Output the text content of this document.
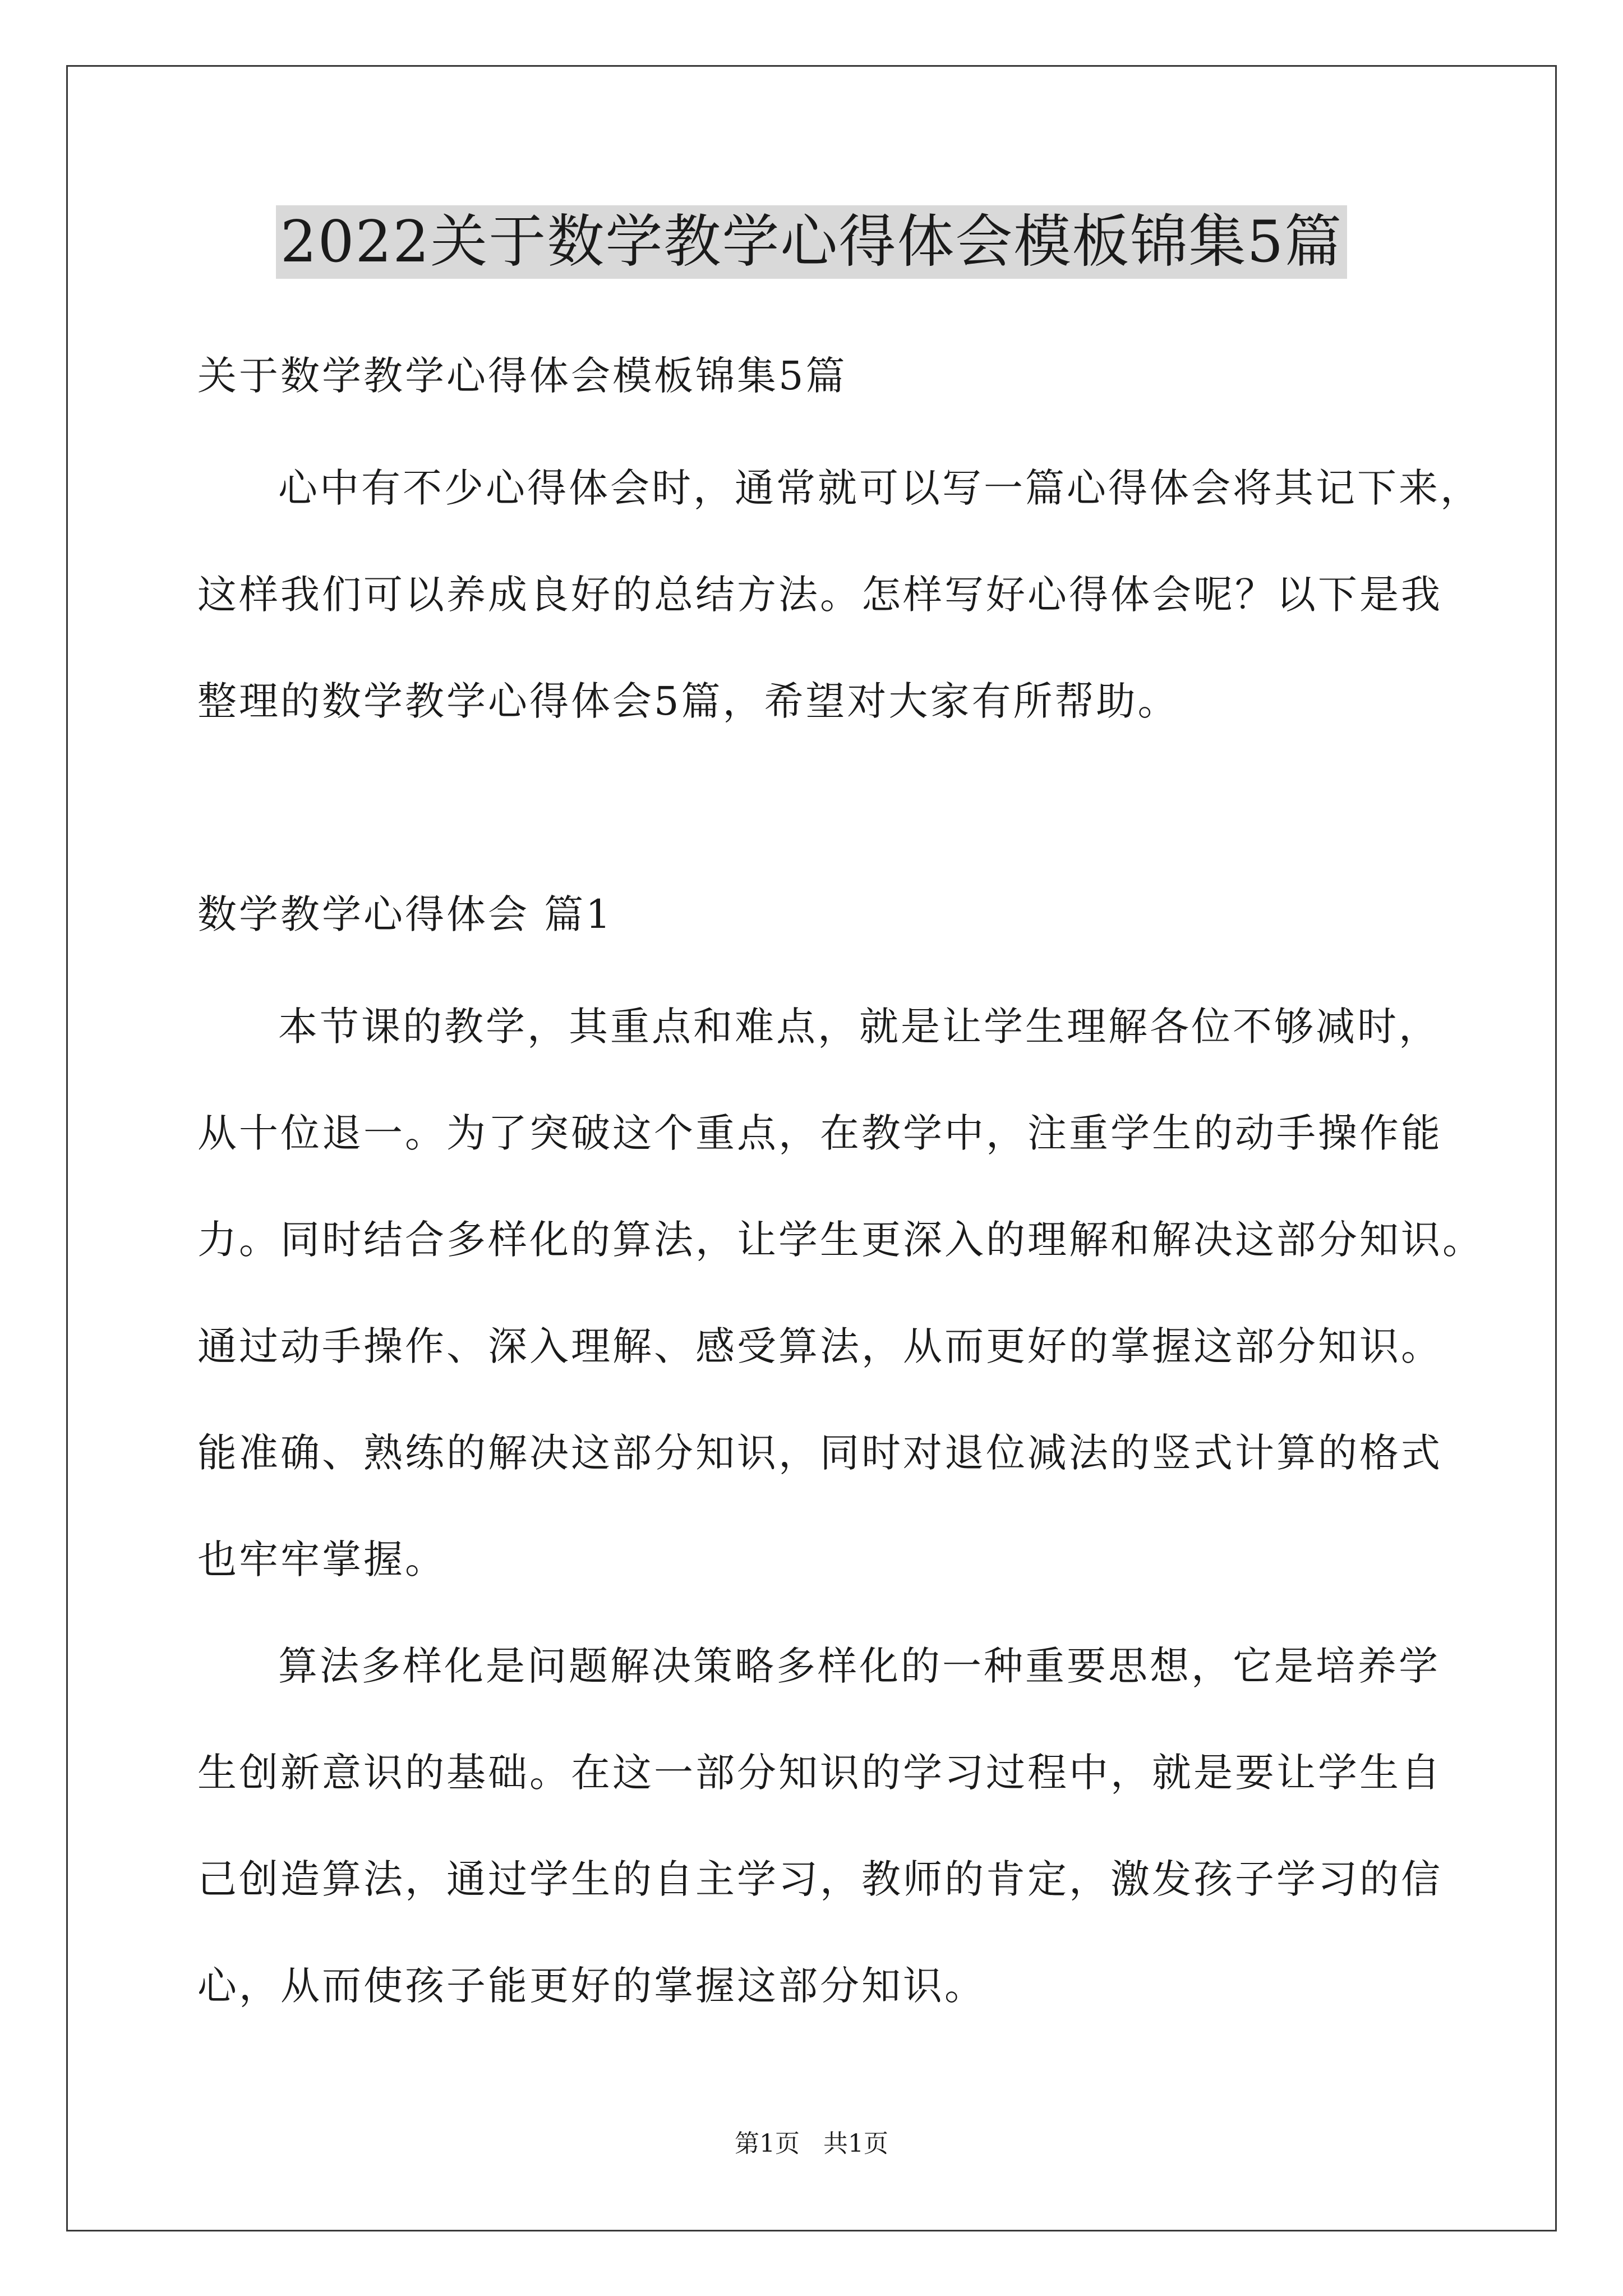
2022关于数学教学心得体会模板锦集5篇
关于数学教学心得体会模板锦集5篇
心中有不少心得体会时，通常就可以写一篇心得体会将其记下来，
这样我们可以养成良好的总结方法。怎样写好心得体会呢？以下是我
整理的数学教学心得体会5篇，希望对大家有所帮助。
数学教学心得体会 篇1
本节课的教学，其重点和难点，就是让学生理解各位不够减时，
从十位退一。为了突破这个重点，在教学中，注重学生的动手操作能
力。同时结合多样化的算法，让学生更深入的理解和解决这部分知识。
通过动手操作、深入理解、感受算法，从而更好的掌握这部分知识。
能准确、熟练的解决这部分知识，同时对退位减法的竖式计算的格式
也牢牢掌握。
算法多样化是问题解决策略多样化的一种重要思想，它是培养学
生创新意识的基础。在这一部分知识的学习过程中，就是要让学生自
己创造算法，通过学生的自主学习，教师的肯定，激发孩子学习的信
心，从而使孩子能更好的掌握这部分知识。
第1页 共1页
